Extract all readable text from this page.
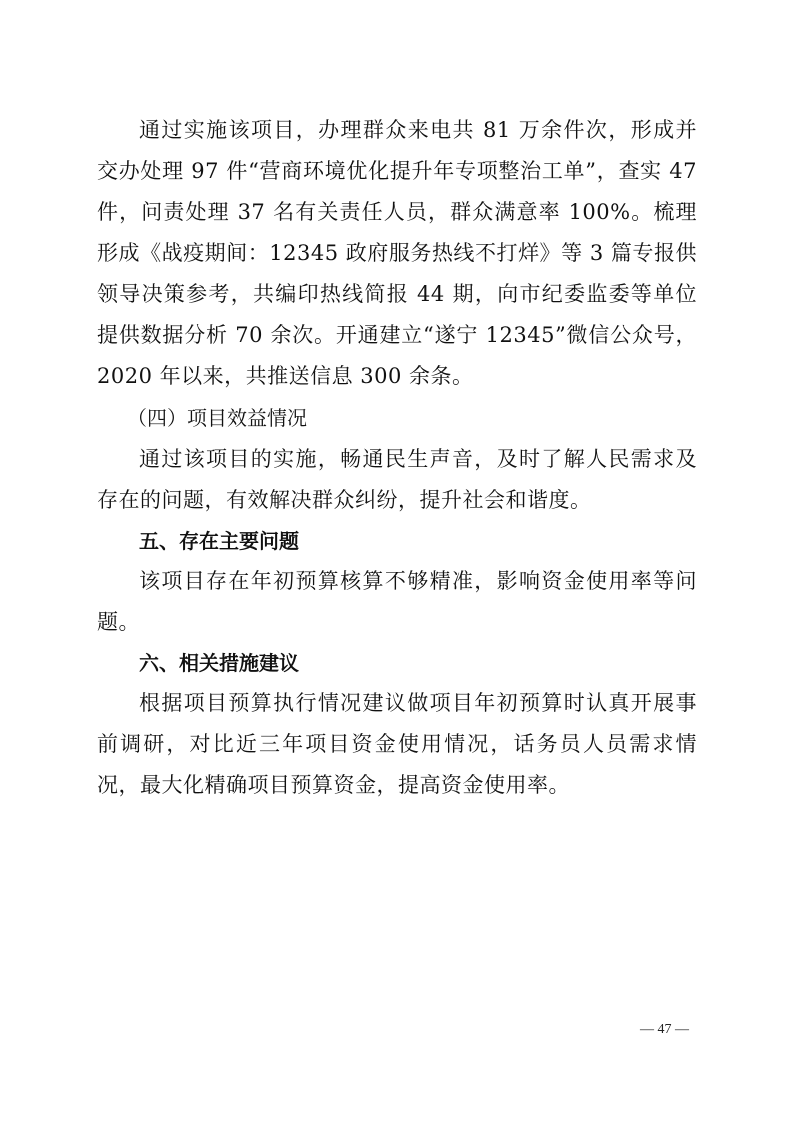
通过实施该项目，办理群众来电共 81 万余件次，形成并交办处理 97 件“营商环境优化提升年专项整治工单”，查实 47 件，问责处理 37 名有关责任人员，群众满意率 100%。梳理形成《战疫期间：12345 政府服务热线不打烊》等 3 篇专报供领导决策参考，共编印热线简报 44 期，向市纪委监委等单位提供数据分析 70 余次。开通建立“遂宁 12345”微信公众号，2020 年以来，共推送信息 300 余条。

（四）项目效益情况

通过该项目的实施，畅通民生声音，及时了解人民需求及存在的问题，有效解决群众纠纷，提升社会和谐度。

五、存在主要问题

该项目存在年初预算核算不够精准，影响资金使用率等问题。

六、相关措施建议

根据项目预算执行情况建议做项目年初预算时认真开展事前调研，对比近三年项目资金使用情况，话务员人员需求情况，最大化精确项目预算资金，提高资金使用率。

— 47 —
